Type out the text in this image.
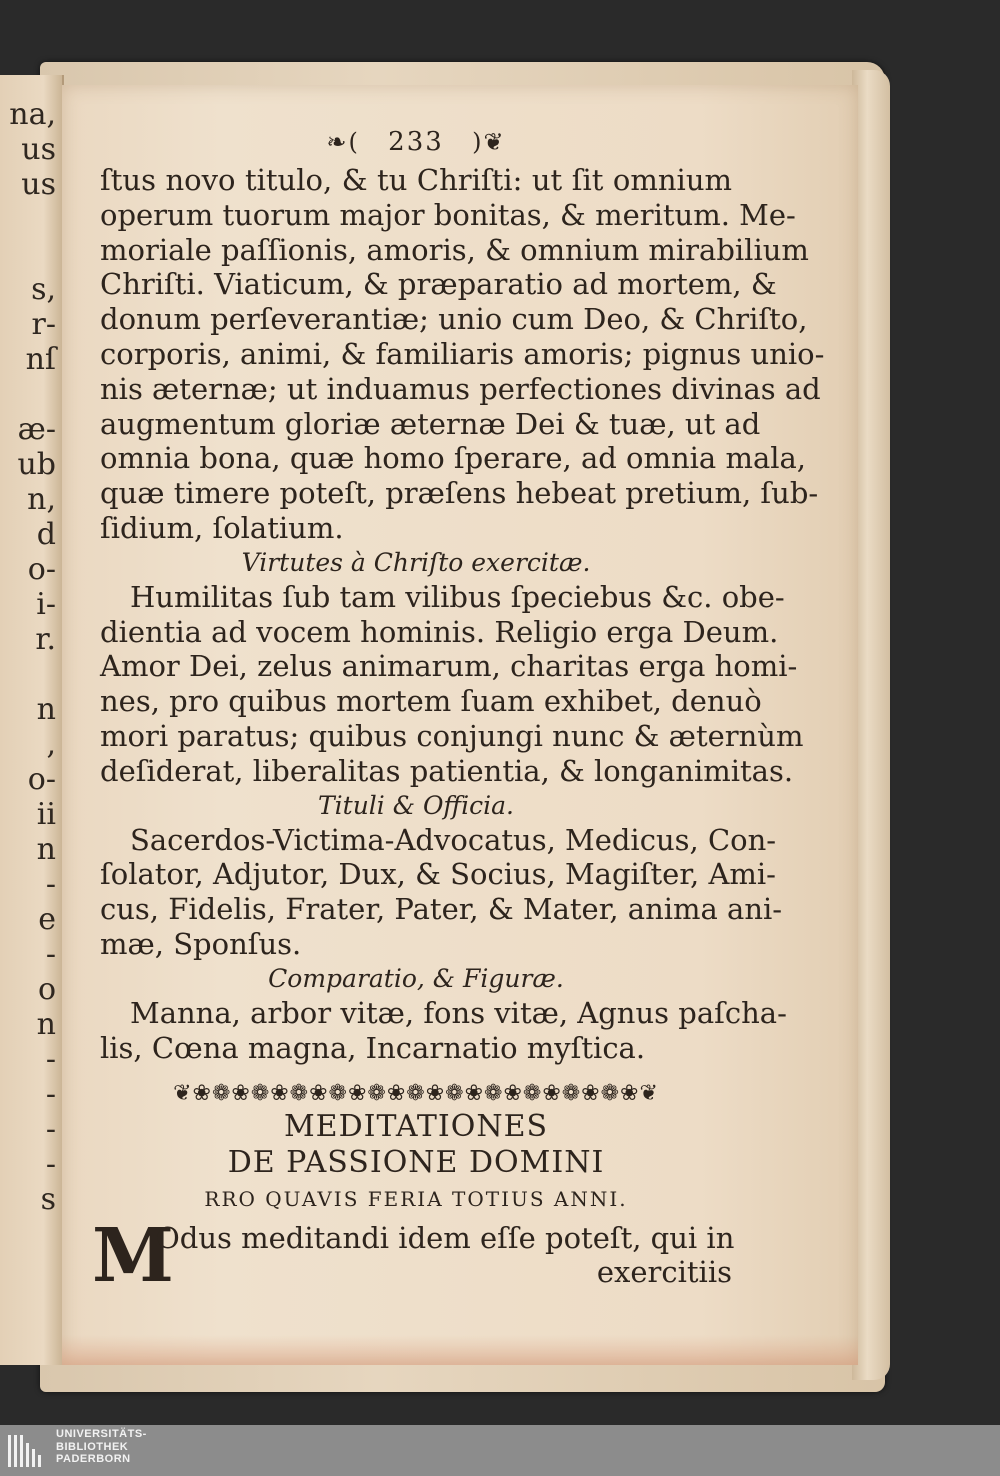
na,
us
us
s,
r-
nſ
æ-
ub
n,
d
o-
i-
r.
n
,
o-
ii
n
-
e
-
o
n
-
-
-
-
s
❧( 233 )❦

ſtus novo titulo, & tu Chriſti: ut ſit omnium
operum tuorum major bonitas, & meritum. Me-
moriale paſſionis, amoris, & omnium mirabilium
Chriſti. Viaticum, & præparatio ad mortem, &
donum perſeverantiæ; unio cum Deo, & Chriſto,
corporis, animi, & familiaris amoris; pignus unio-
nis æternæ; ut induamus perfectiones divinas ad
augmentum gloriæ æternæ Dei & tuæ, ut ad
omnia bona, quæ homo ſperare, ad omnia mala,
quæ timere poteſt, præſens hebeat pretium, ſub-
ſidium, ſolatium.

Virtutes à Chriſto exercitæ.

Humilitas ſub tam vilibus ſpeciebus &c. obe-
dientia ad vocem hominis. Religio erga Deum.
Amor Dei, zelus animarum, charitas erga homi-
nes, pro quibus mortem ſuam exhibet, denuò
mori paratus; quibus conjungi nunc & æternùm
deſiderat, liberalitas patientia, & longanimitas.

Tituli & Officia.

Sacerdos-Victima-Advocatus, Medicus, Con-
ſolator, Adjutor, Dux, & Socius, Magiſter, Ami-
cus, Fidelis, Frater, Pater, & Mater, anima ani-
mæ, Sponſus.

Comparatio, & Figuræ.

Manna, arbor vitæ, fons vitæ, Agnus paſcha-
lis, Cœna magna, Incarnatio myſtica.

❦❀❁❀❁❀❁❀❁❀❁❀❁❀❁❀❁❀❁❀❁❀❁❀❦
MEDITATIONES
DE PASSIONE DOMINI
RRO QUAVIS FERIA TOTIUS ANNI.
M
Odus meditandi idem eſſe poteſt, qui in
exercitiis
UNIVERSITÄTS-
BIBLIOTHEK
PADERBORN
